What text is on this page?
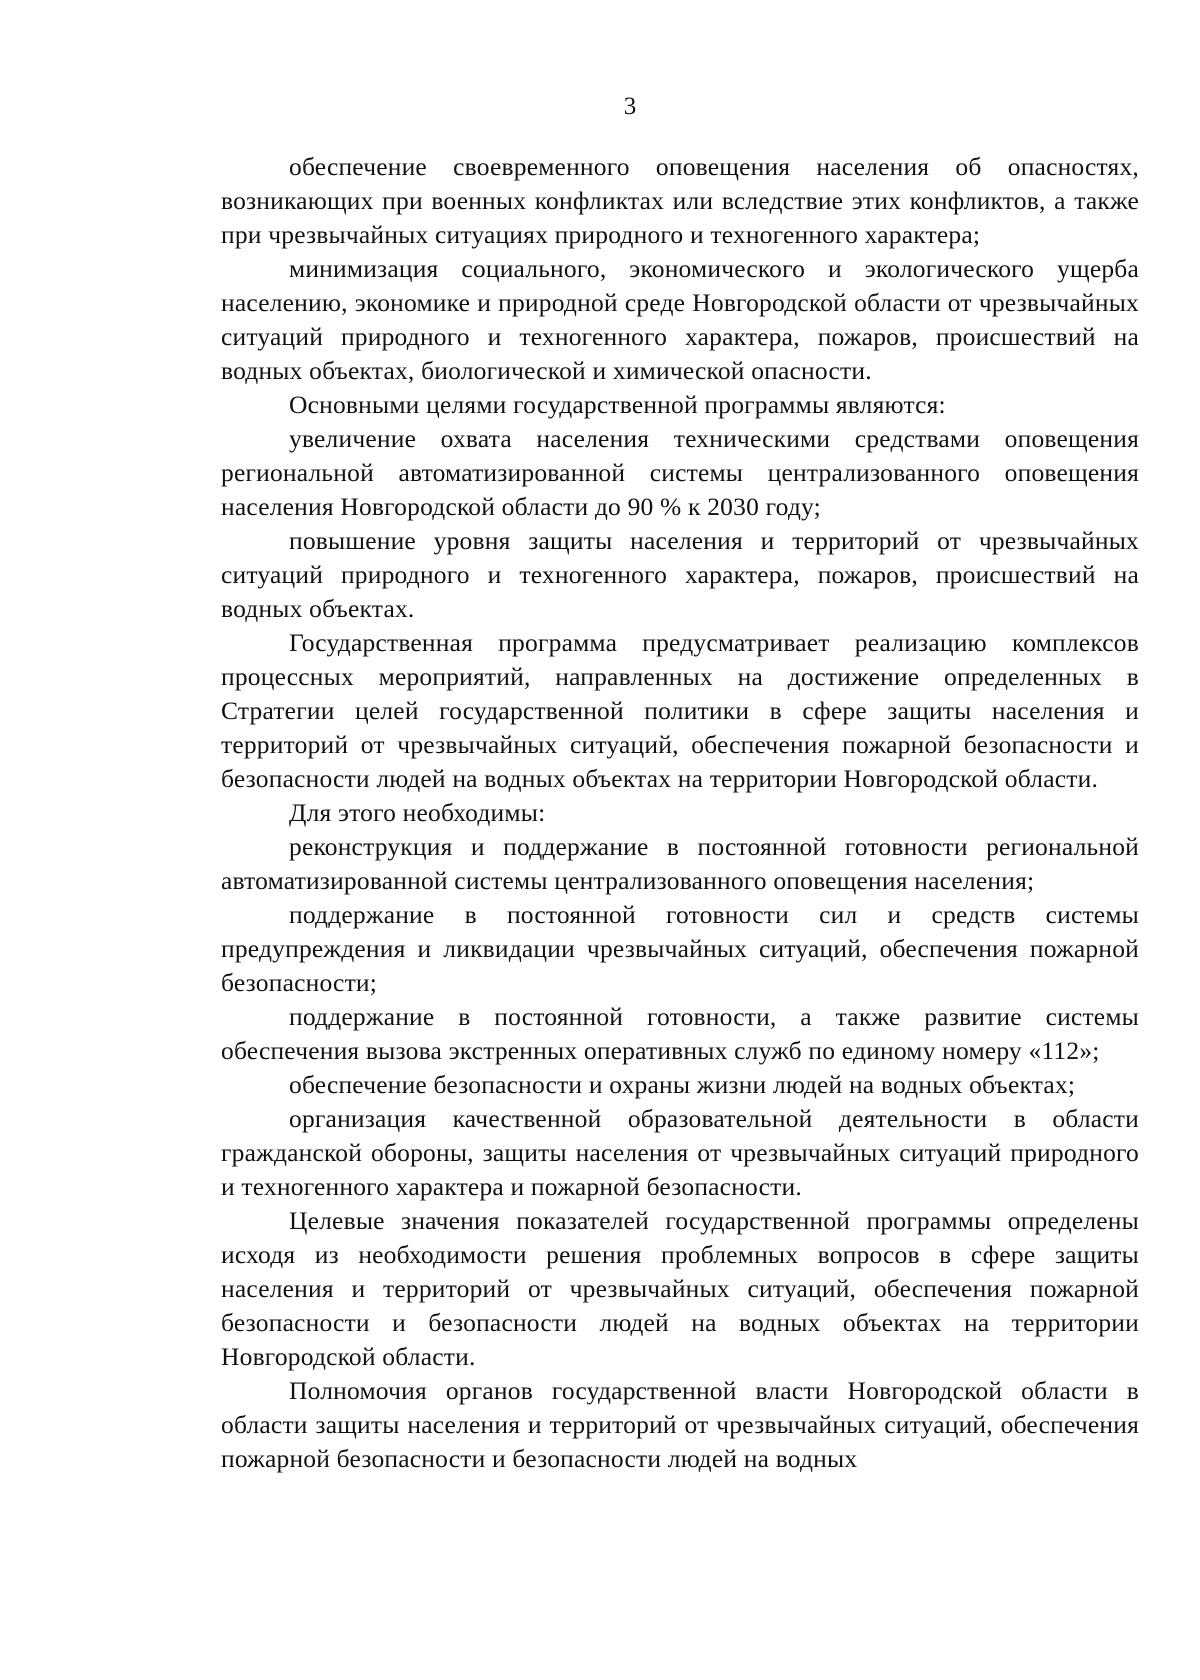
3

обеспечение своевременного оповещения населения об опасностях, возникающих при военных конфликтах или вследствие этих конфликтов, а также при чрезвычайных ситуациях природного и техногенного характера;

минимизация социального, экономического и экологического ущерба населению, экономике и природной среде Новгородской области от чрезвычайных ситуаций природного и техногенного характера, пожаров, происшествий на водных объектах, биологической и химической опасности.

Основными целями государственной программы являются:

увеличение охвата населения техническими средствами оповещения региональной автоматизированной системы централизованного оповещения населения Новгородской области до 90 % к 2030 году;

повышение уровня защиты населения и территорий от чрезвычайных ситуаций природного и техногенного характера, пожаров, происшествий на водных объектах.

Государственная программа предусматривает реализацию комплексов процессных мероприятий, направленных на достижение определенных в Стратегии целей государственной политики в сфере защиты населения и территорий от чрезвычайных ситуаций, обеспечения пожарной безопасности и безопасности людей на водных объектах на территории Новгородской области.

Для этого необходимы:

реконструкция и поддержание в постоянной готовности региональной автоматизированной системы централизованного оповещения населения;

поддержание в постоянной готовности сил и средств системы предупреждения и ликвидации чрезвычайных ситуаций, обеспечения пожарной безопасности;

поддержание в постоянной готовности, а также развитие системы обеспечения вызова экстренных оперативных служб по единому номеру «112»;

обеспечение безопасности и охраны жизни людей на водных объектах;

организация качественной образовательной деятельности в области гражданской обороны, защиты населения от чрезвычайных ситуаций природного и техногенного характера и пожарной безопасности.

Целевые значения показателей государственной программы определены исходя из необходимости решения проблемных вопросов в сфере защиты населения и территорий от чрезвычайных ситуаций, обеспечения пожарной безопасности и безопасности людей на водных объектах на территории Новгородской области.

Полномочия органов государственной власти Новгородской области в области защиты населения и территорий от чрезвычайных ситуаций, обеспечения пожарной безопасности и безопасности людей на водных
